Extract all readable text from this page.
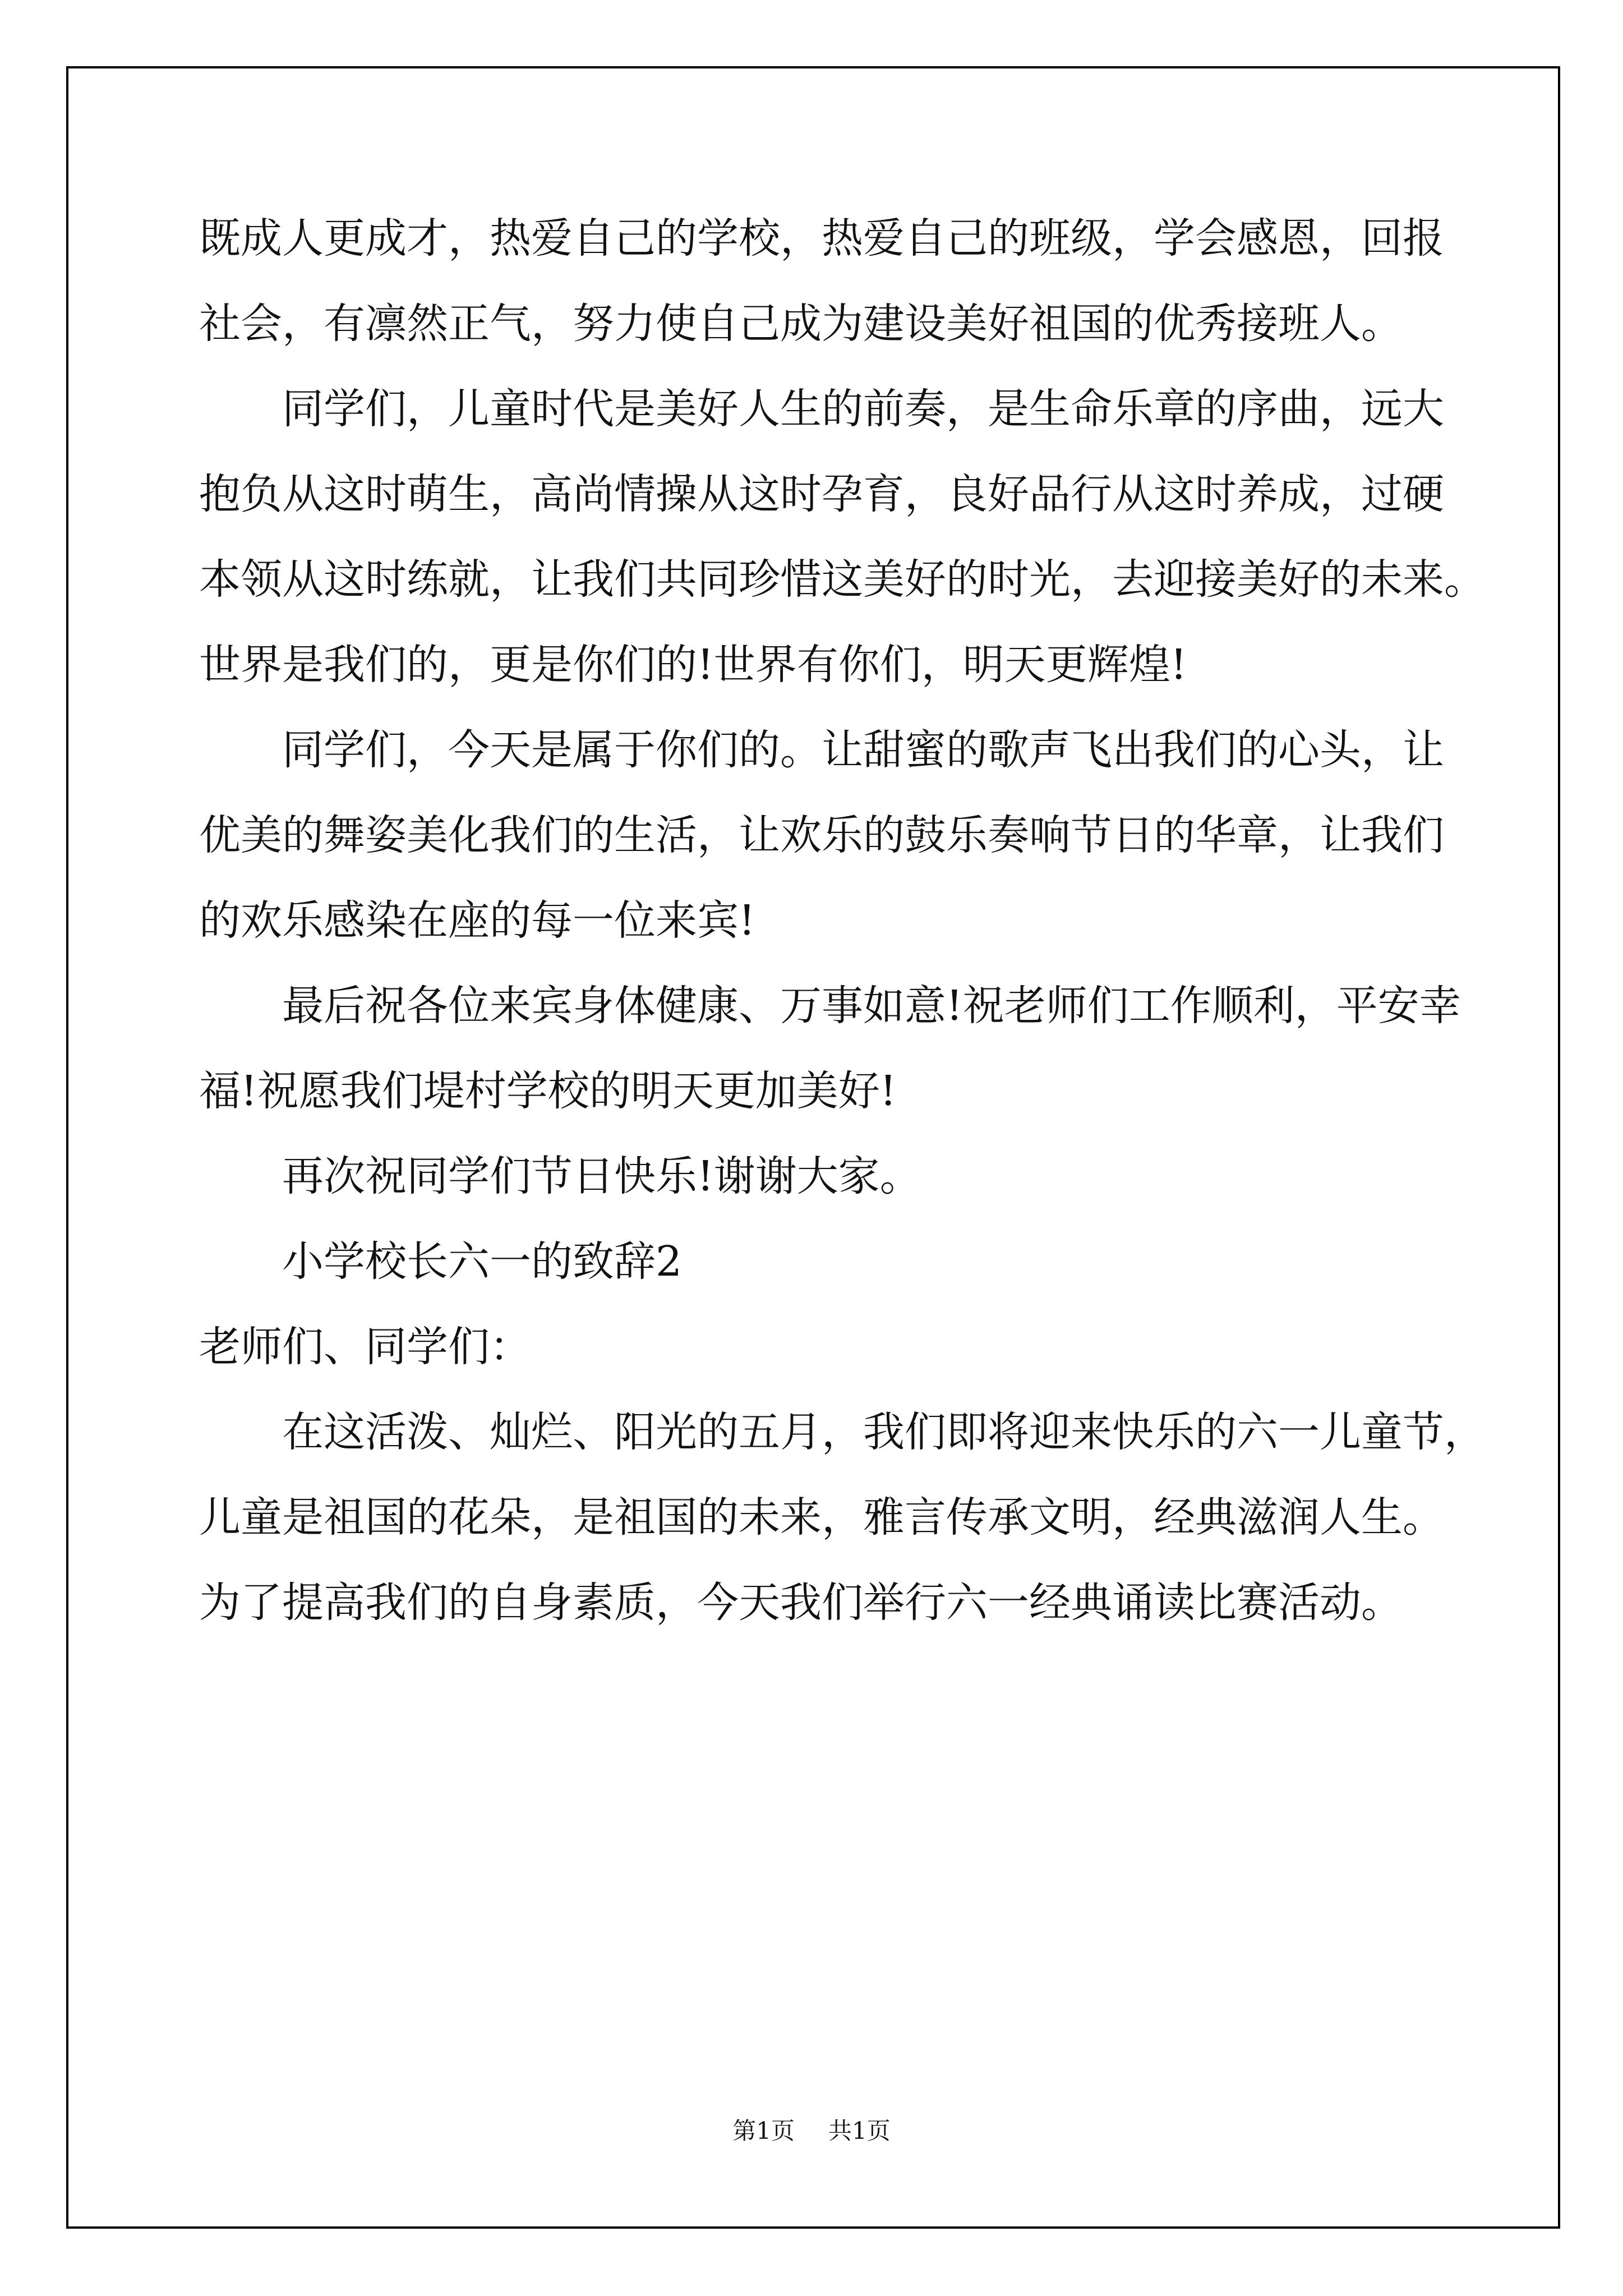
既成人更成才，热爱自己的学校，热爱自己的班级，学会感恩，回报
社会，有凛然正气，努力使自己成为建设美好祖国的优秀接班人。
同学们，儿童时代是美好人生的前奏，是生命乐章的序曲，远大
抱负从这时萌生，高尚情操从这时孕育，良好品行从这时养成，过硬
本领从这时练就，让我们共同珍惜这美好的时光，去迎接美好的未来。
世界是我们的，更是你们的!世界有你们，明天更辉煌!
同学们，今天是属于你们的。让甜蜜的歌声飞出我们的心头，让
优美的舞姿美化我们的生活，让欢乐的鼓乐奏响节日的华章，让我们
的欢乐感染在座的每一位来宾!
最后祝各位来宾身体健康、万事如意!祝老师们工作顺利，平安幸
福!祝愿我们堤村学校的明天更加美好!
再次祝同学们节日快乐!谢谢大家。
小学校长六一的致辞2
老师们、同学们：
在这活泼、灿烂、阳光的五月，我们即将迎来快乐的六一儿童节，
儿童是祖国的花朵，是祖国的未来，雅言传承文明，经典滋润人生。
为了提高我们的自身素质，今天我们举行六一经典诵读比赛活动。
第1页 共1页
